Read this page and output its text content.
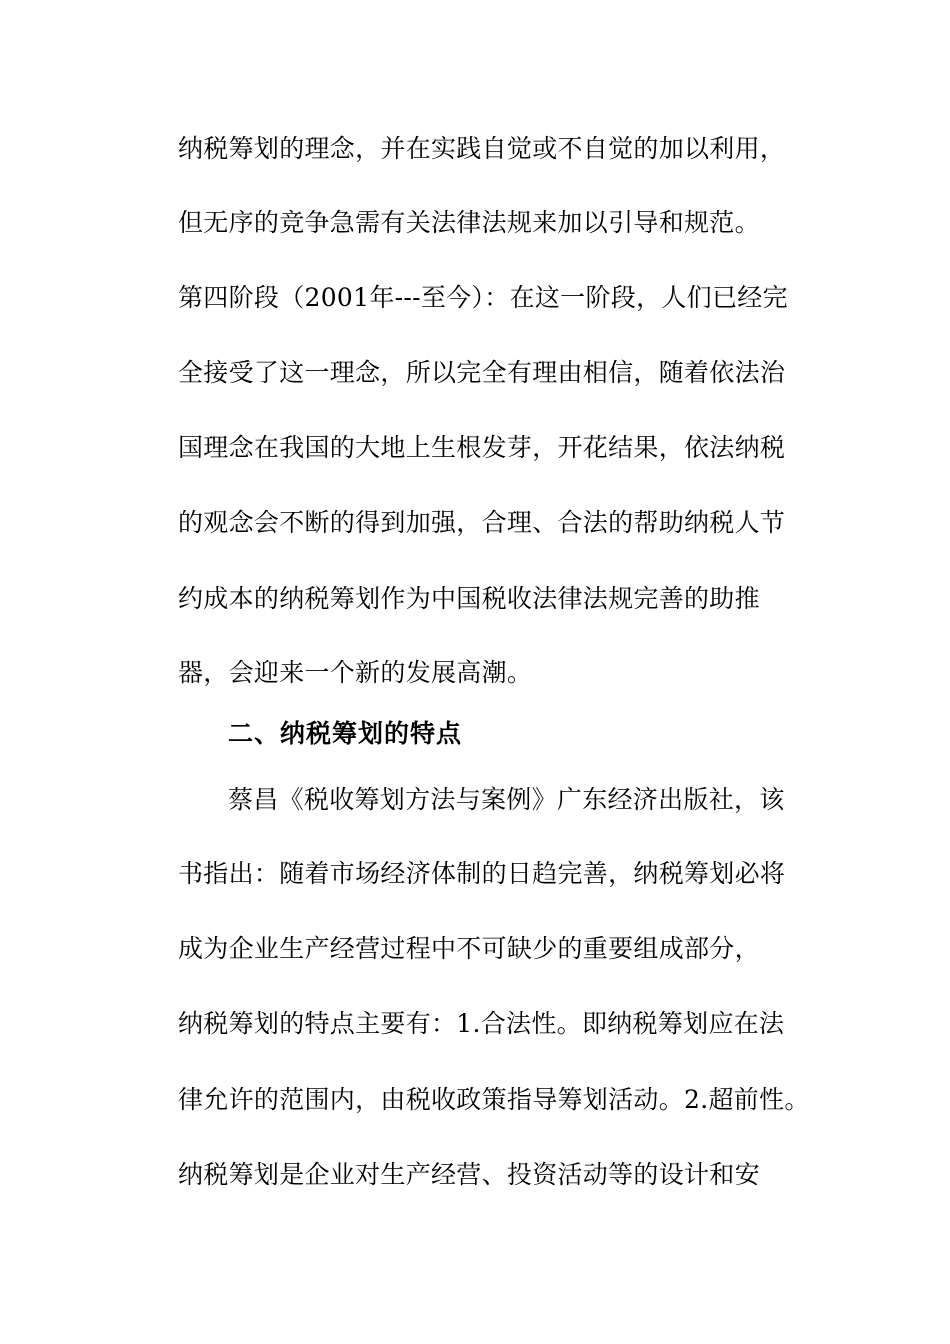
纳税筹划的理念，并在实践自觉或不自觉的加以利用，
但无序的竞争急需有关法律法规来加以引导和规范。
第四阶段（2001年---至今）：在这一阶段，人们已经完
全接受了这一理念，所以完全有理由相信，随着依法治
国理念在我国的大地上生根发芽，开花结果，依法纳税
的观念会不断的得到加强，合理、合法的帮助纳税人节
约成本的纳税筹划作为中国税收法律法规完善的助推
器，会迎来一个新的发展高潮。
二、纳税筹划的特点
蔡昌《税收筹划方法与案例》广东经济出版社，该
书指出：随着市场经济体制的日趋完善，纳税筹划必将
成为企业生产经营过程中不可缺少的重要组成部分，
纳税筹划的特点主要有：1.合法性。即纳税筹划应在法
律允许的范围内，由税收政策指导筹划活动。2.超前性。
纳税筹划是企业对生产经营、投资活动等的设计和安
